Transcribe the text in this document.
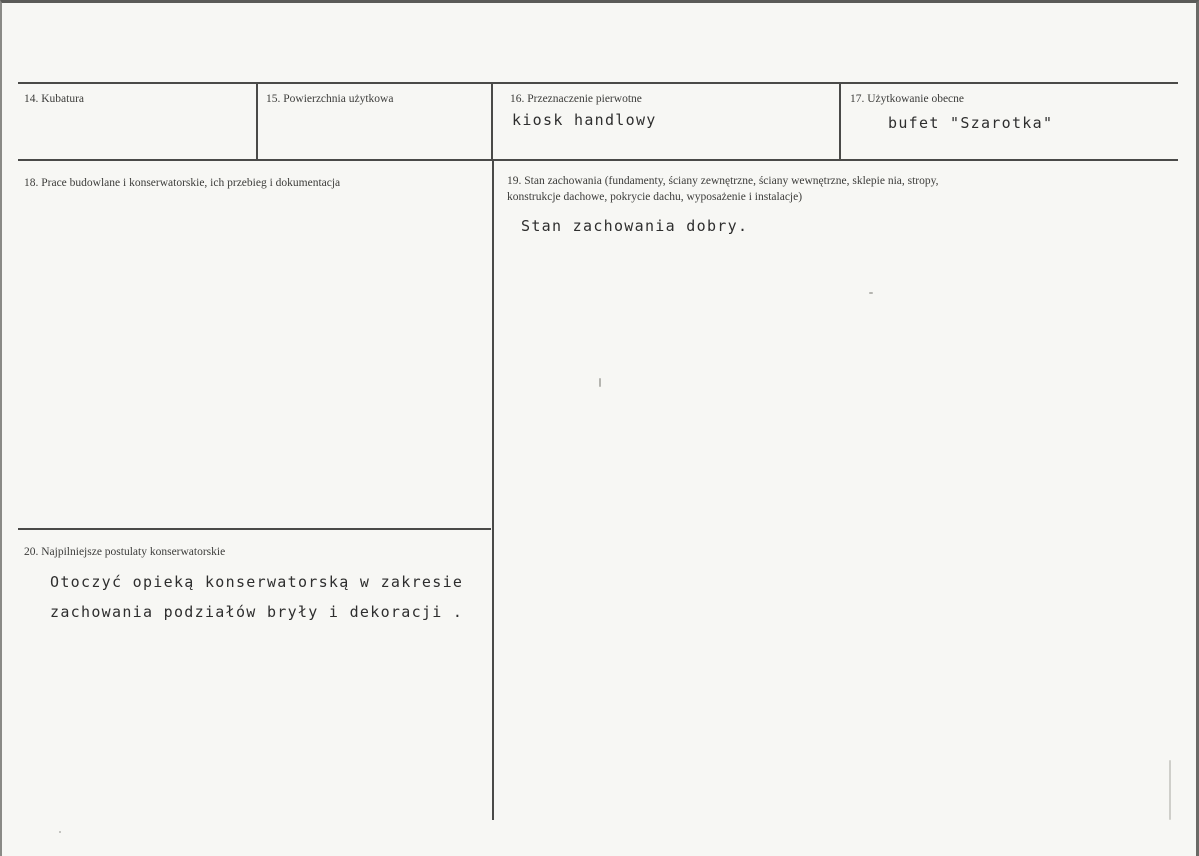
14. Kubatura	15. Powierzchnia użytkowa	16. Przeznaczenie pierwotne
kiosk handlowy
17. Użytkowanie obecne
bufet "Szarotka"
18. Prace budowlane i konserwatorskie, ich przebieg i dokumentacja	19. Stan zachowania (fundamenty, ściany zewnętrzne, ściany wewnętrzne, sklepie nia, stropy,
konstrukcje dachowe, pokrycie dachu, wyposażenie i instalacje)
Stan zachowania dobry.
20. Najpilniejsze postulaty konserwatorskie
Otoczyć opieką konserwatorską w zakresie
zachowania podziałów bryły i dekoracji .
